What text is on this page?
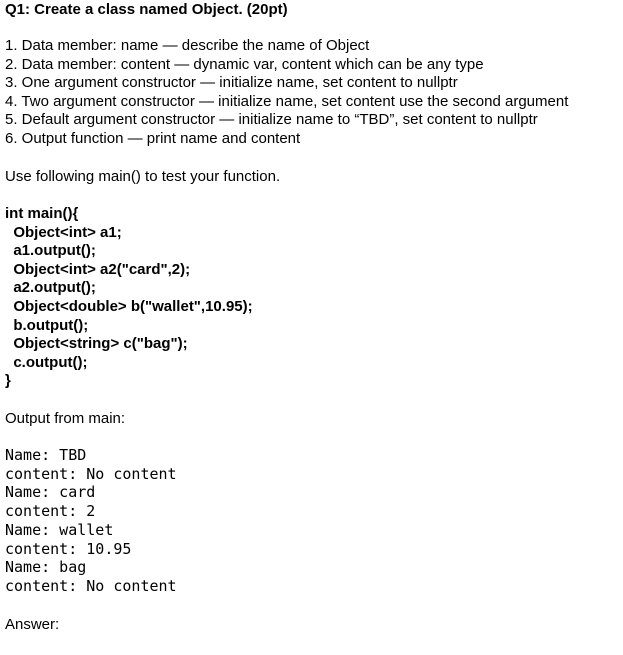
Q1: Create a class named Object. (20pt)
1. Data member: name — describe the name of Object
2. Data member: content — dynamic var, content which can be any type
3. One argument constructor — initialize name, set content to nullptr
4. Two argument constructor — initialize name, set content use the second argument
5. Default argument constructor — initialize name to “TBD”, set content to nullptr
6. Output function — print name and content
Use following main() to test your function.
int main(){
Object<int> a1;
a1.output();
Object<int> a2("card",2);
a2.output();
Object<double> b("wallet",10.95);
b.output();
Object<string> c("bag");
c.output();
}
Output from main:
Name: TBD
content: No content
Name: card
content: 2
Name: wallet
content: 10.95
Name: bag
content: No content
Answer:
